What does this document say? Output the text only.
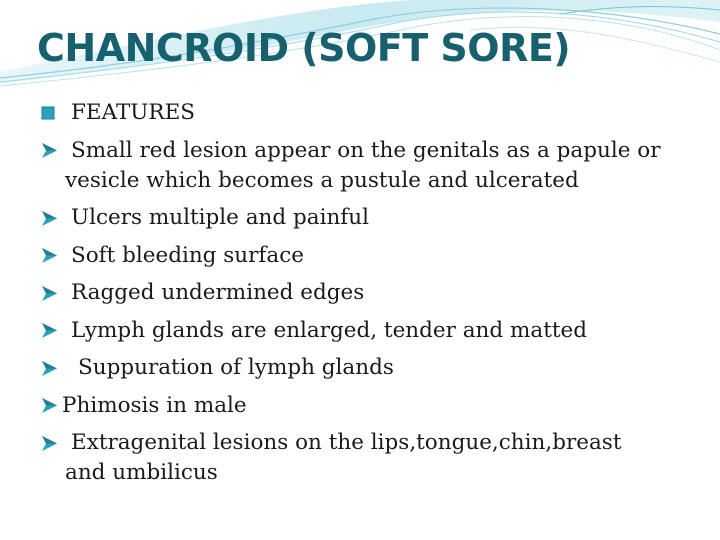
CHANCROID (SOFT SORE)
FEATURES
Small red lesion appear on the genitals as a papule or
vesicle which becomes a pustule and ulcerated
Ulcers multiple and painful
Soft bleeding surface
Ragged undermined edges
Lymph glands are enlarged, tender and matted
Suppuration of lymph glands
Phimosis in male
Extragenital lesions on the lips,tongue,chin,breast
and umbilicus
